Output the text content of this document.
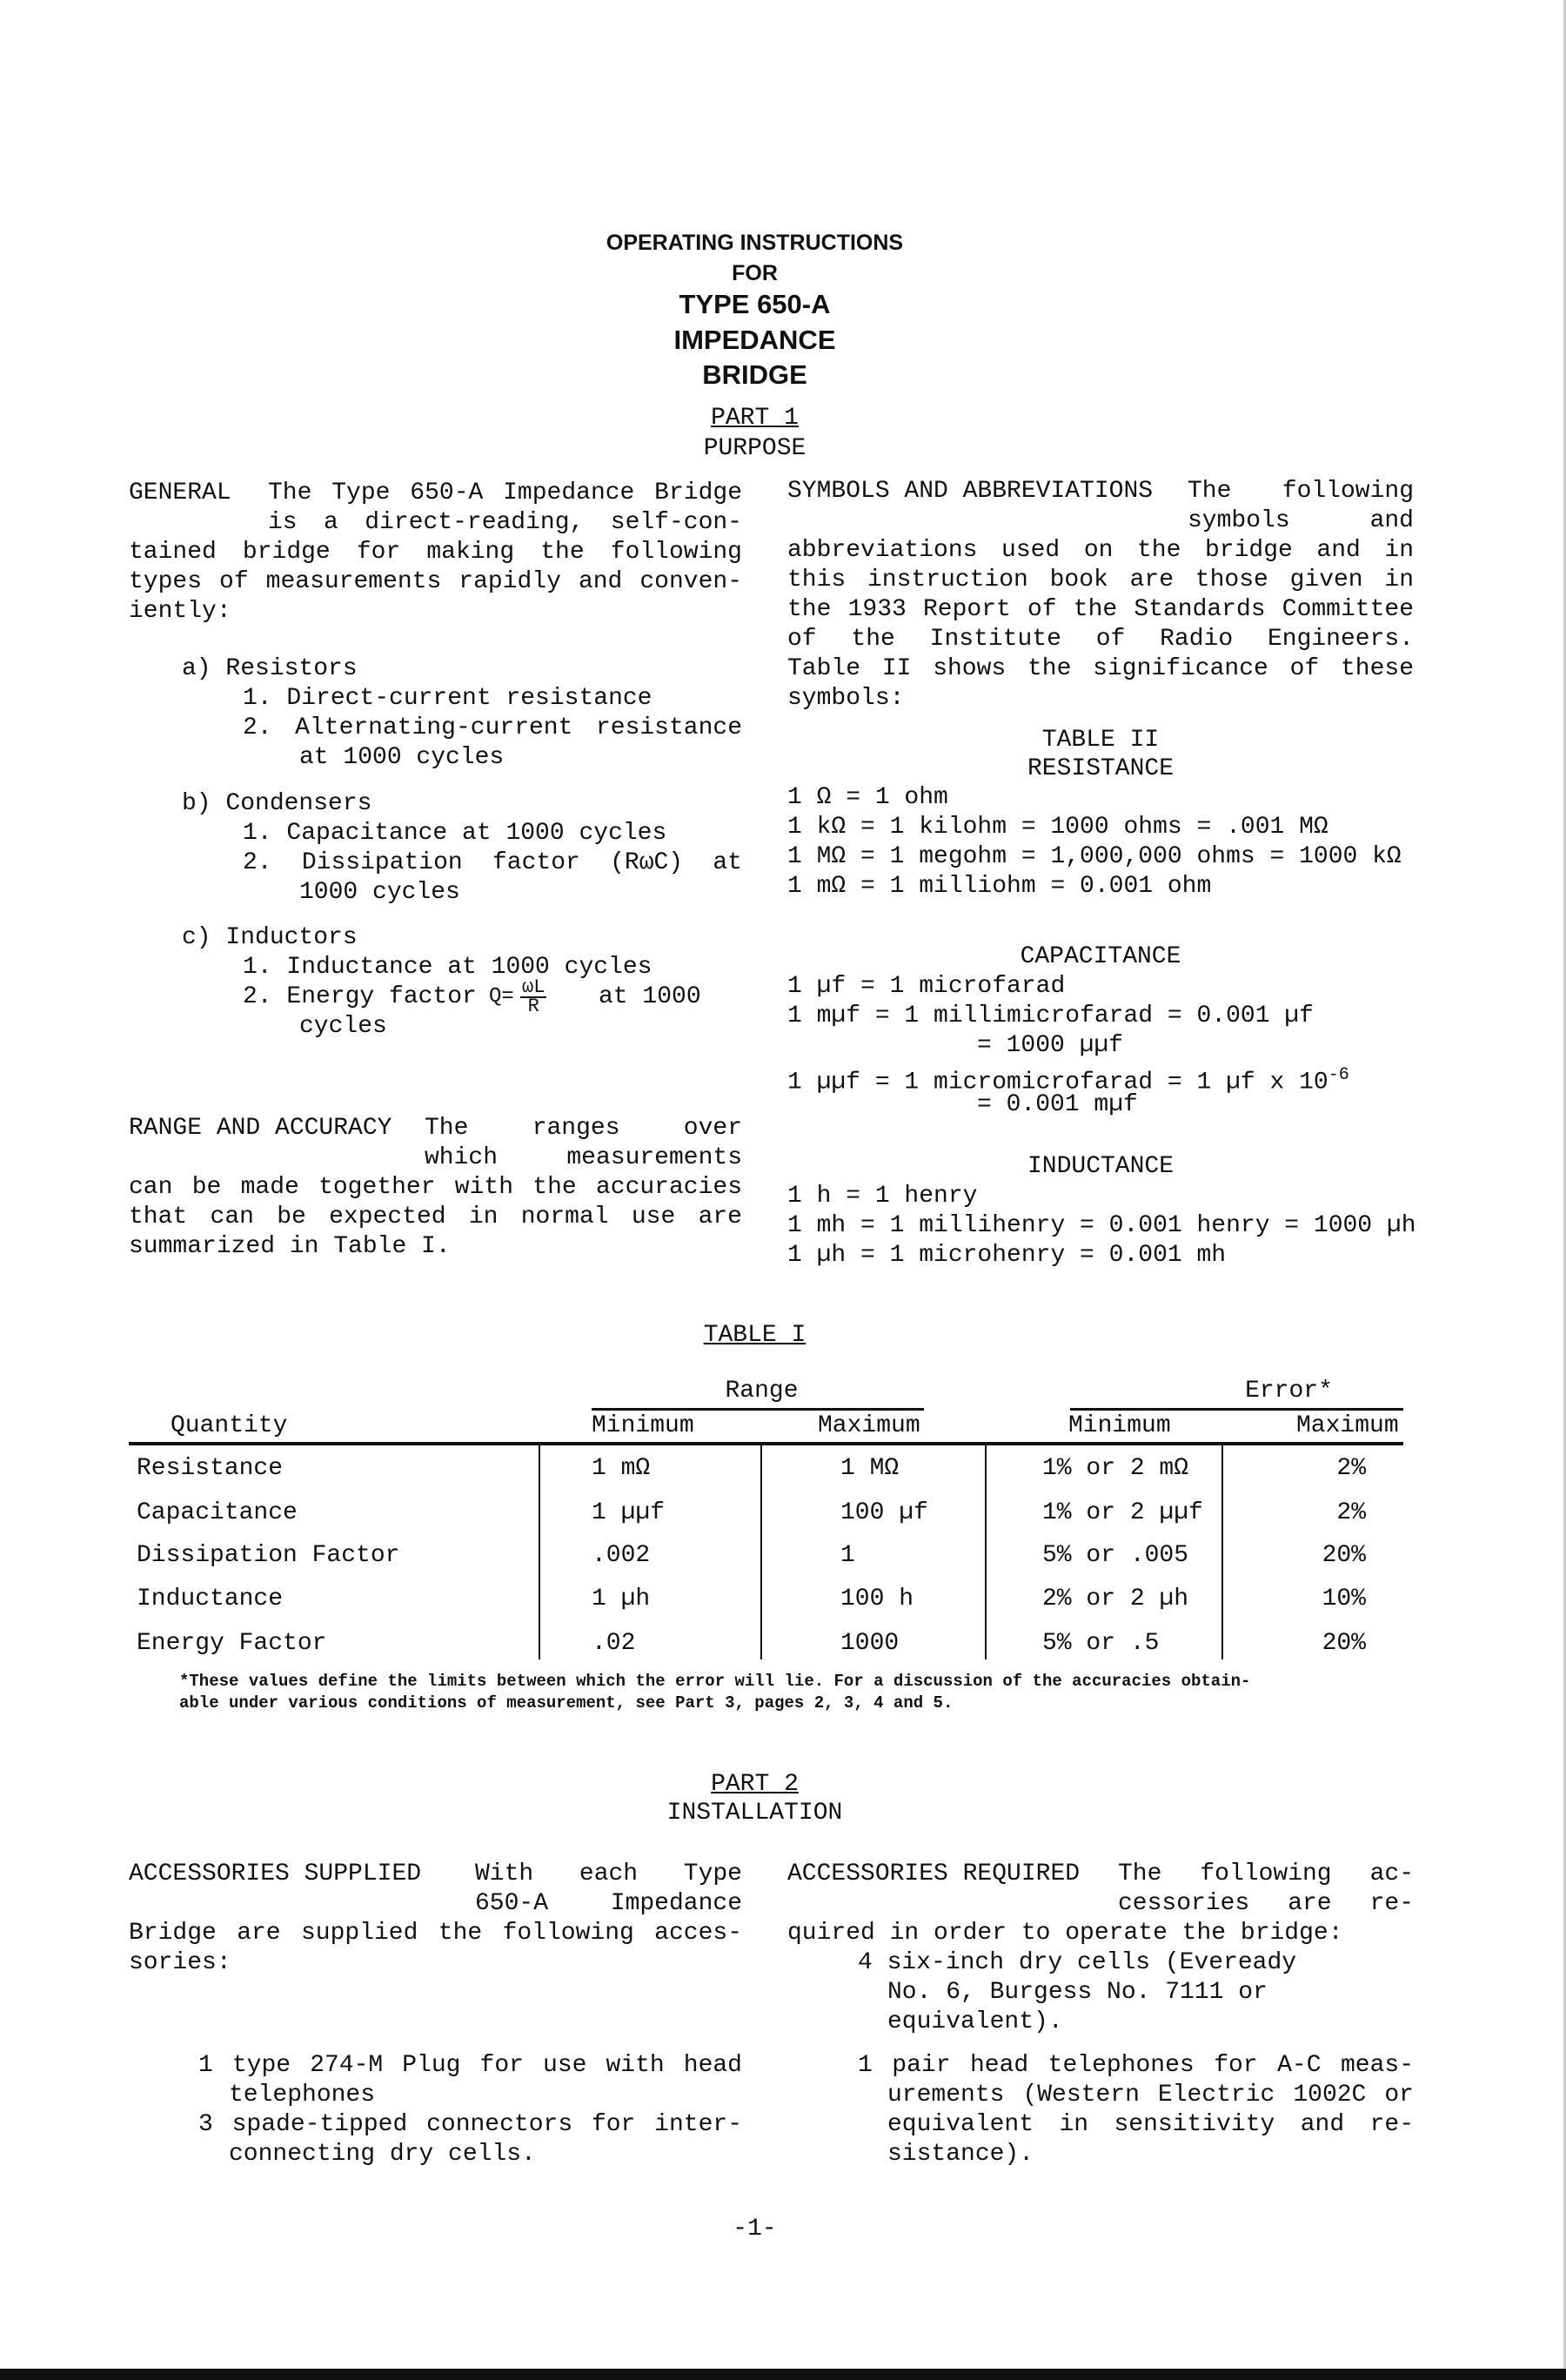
OPERATING INSTRUCTIONS
FOR
TYPE 650-A
IMPEDANCE
BRIDGE
PART 1
PURPOSE
GENERAL The Type 650-A Impedance Bridge
is a direct-reading, self-con-
tained bridge for making the following
types of measurements rapidly and conven-
iently:
a) Resistors
1. Direct-current resistance
2. Alternating-current resistance
at 1000 cycles
b) Condensers
1. Capacitance at 1000 cycles
2. Dissipation factor (RωC) at
1000 cycles
c) Inductors
1. Inductance at 1000 cycles
2. Energy factor $Q= \frac{\omega L}{R}$ at 1000
cycles
RANGE AND ACCURACY The ranges over
which measurements
can be made together with the accuracies
that can be expected in normal use are
summarized in Table I.
SYMBOLS AND ABBREVIATIONS The following
symbols and
abbreviations used on the bridge and in
this instruction book are those given in
the 1933 Report of the Standards Committee
of the Institute of Radio Engineers.
Table II shows the significance of these
symbols:
TABLE II
RESISTANCE
1 Ω = 1 ohm
1 kΩ = 1 kilohm = 1000 ohms = .001 MΩ
1 MΩ = 1 megohm = 1,000,000 ohms = 1000 kΩ
1 mΩ = 1 milliohm = 0.001 ohm
CAPACITANCE
1 µf = 1 microfarad
1 mµf = 1 millimicrofarad = 0.001 µf
= 1000 µµf
1 µµf = 1 micromicrofarad = 1 µf x $10^{-6}$
= 0.001 mµf
INDUCTANCE
1 h = 1 henry
1 mh = 1 millihenry = 0.001 henry = 1000 µh
1 µh = 1 microhenry = 0.001 mh
TABLE I
Range	Error*
Quantity	Minimum	Maximum	Minimum	Maximum
Resistance	1 mΩ	1 MΩ	1% or 2 mΩ	2%
Capacitance	1 µµf	100 µf	1% or 2 µµf	2%
Dissipation Factor	.002	1	5% or .005	20%
Inductance	1 µh	100 h	2% or 2 µh	10%
Energy Factor	.02	1000	5% or .5	20%
*These values define the limits between which the error will lie. For a discussion of the accuracies obtain-
able under various conditions of measurement, see Part 3, pages 2, 3, 4 and 5.
PART 2
INSTALLATION
ACCESSORIES SUPPLIED With each Type
650-A Impedance
Bridge are supplied the following acces-
sories:
1 type 274-M Plug for use with head
telephones
3 spade-tipped connectors for inter-
connecting dry cells.
ACCESSORIES REQUIRED The following ac-
cessories are re-
quired in order to operate the bridge:
4 six-inch dry cells (Eveready
No. 6, Burgess No. 7111 or
equivalent).
1 pair head telephones for A-C meas-
urements (Western Electric 1002C or
equivalent in sensitivity and re-
sistance).
-1-
